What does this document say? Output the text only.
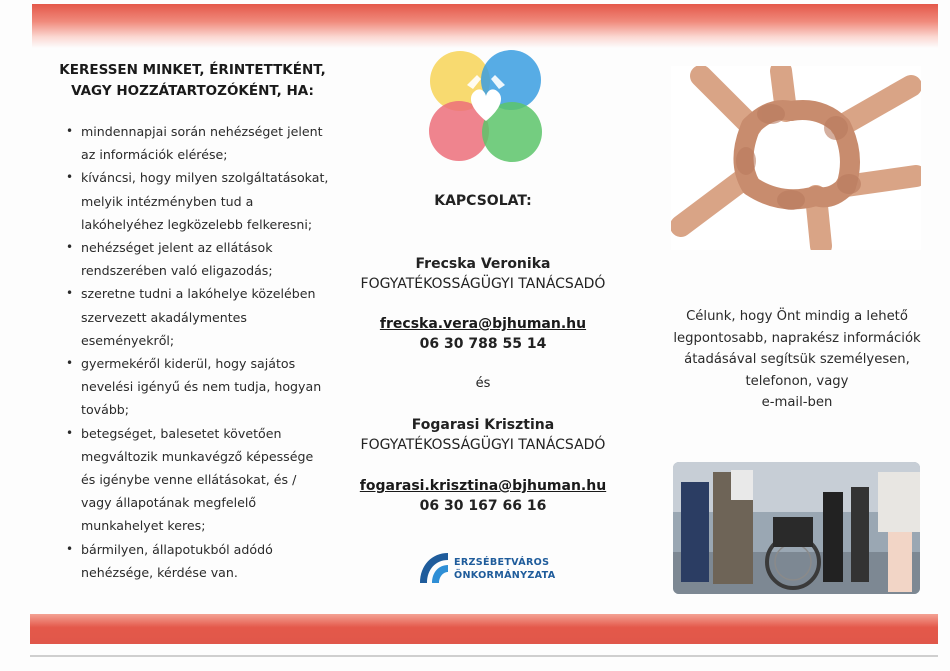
KERESSEN MINKET, ÉRINTETTKÉNT,
VAGY HOZZÁTARTOZÓKÉNT, HA:
• mindennapjai során nehézséget jelent az információk elérése;
• kíváncsi, hogy milyen szolgáltatásokat, melyik intézményben tud a lakóhelyéhez legközelebb felkeresni;
• nehézséget jelent az ellátások rendszerében való eligazodás;
• szeretne tudni a lakóhelye közelében szervezett akadálymentes eseményekről;
• gyermekéről kiderül, hogy sajátos nevelési igényű és nem tudja, hogyan tovább;
• betegséget, balesetet követően megváltozik munkavégző képessége és igénybe venne ellátásokat, és / vagy állapotának megfelelő munkahelyet keres;
• bármilyen, állapotukból adódó nehézsége, kérdése van.
KAPCSOLAT:
Frecska Veronika
FOGYATÉKOSSÁGÜGYI TANÁCSADÓ
frecska.vera@bjhuman.hu
06 30 788 55 14
és
Fogarasi Krisztina
FOGYATÉKOSSÁGÜGYI TANÁCSADÓ
fogarasi.krisztina@bjhuman.hu
06 30 167 66 16
ERZSÉBETVÁROS
ÖNKORMÁNYZATA
Célunk, hogy Önt mindig a lehető
legpontosabb, naprakész információk
átadásával segítsük személyesen,
telefonon, vagy
e-mail-ben
